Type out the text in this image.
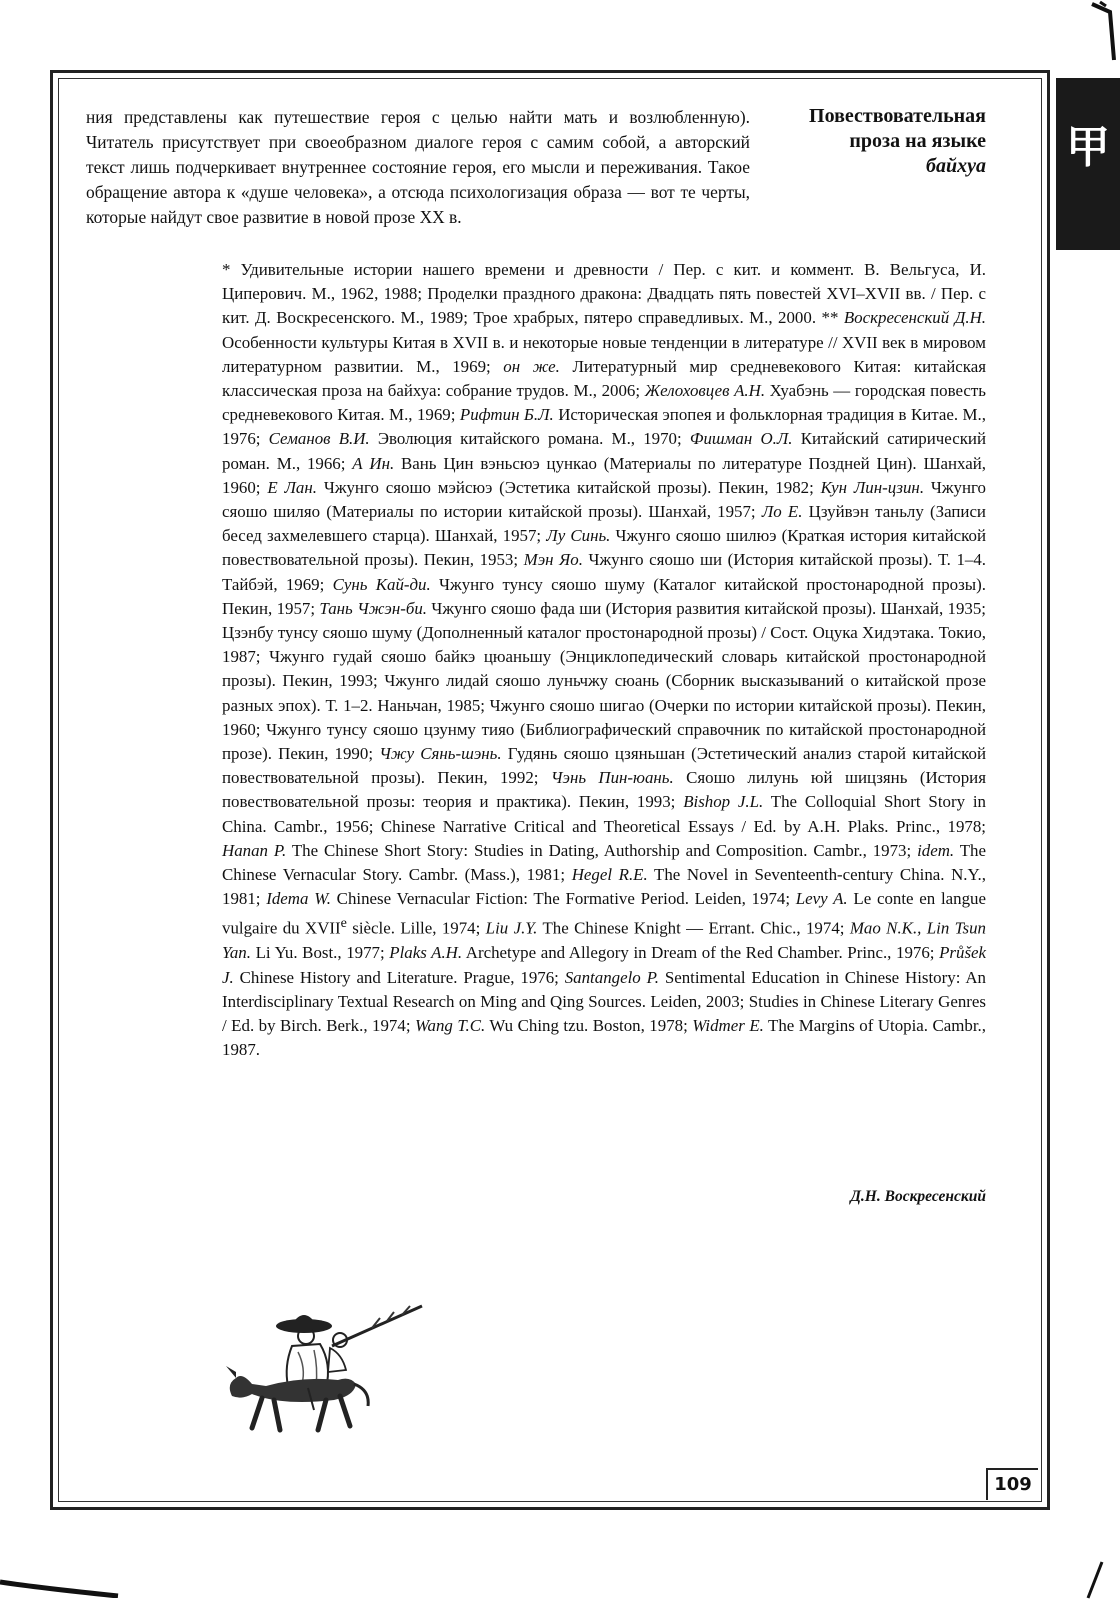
甲
ния представлены как путешествие героя с целью найти мать и возлюбленную). Читатель присутствует при своеобразном диалоге героя с самим собой, а авторский текст лишь подчеркивает внутреннее состояние героя, его мысли и переживания. Такое обращение автора к «душе человека», а отсюда психологизация образа — вот те черты, которые найдут свое развитие в новой прозе XX в.
Повествовательная
проза на языке
байхуа
* Удивительные истории нашего времени и древности / Пер. с кит. и коммент. В. Вельгуса, И. Циперович. М., 1962, 1988; Проделки праздного дракона: Двадцать пять повестей XVI–XVII вв. / Пер. с кит. Д. Воскресенского. М., 1989; Трое храбрых, пятеро справедливых. М., 2000. ** Воскресенский Д.Н. Особенности культуры Китая в XVII в. и некоторые новые тенденции в литературе // XVII век в мировом литературном развитии. М., 1969; он же. Литературный мир средневекового Китая: китайская классическая проза на байхуа: собрание трудов. М., 2006; Желоховцев А.Н. Хуабэнь — городская повесть средневекового Китая. М., 1969; Рифтин Б.Л. Историческая эпопея и фольклорная традиция в Китае. М., 1976; Семанов В.И. Эволюция китайского романа. М., 1970; Фишман О.Л. Китайский сатирический роман. М., 1966; А Ин. Вань Цин вэньсюэ цункао (Материалы по литературе Поздней Цин). Шанхай, 1960; Е Лан. Чжунго сяошо мэйсюэ (Эстетика китайской прозы). Пекин, 1982; Кун Лин-цзин. Чжунго сяошо шиляо (Материалы по истории китайской прозы). Шанхай, 1957; Ло Е. Цзуйвэн таньлу (Записи бесед захмелевшего старца). Шанхай, 1957; Лу Синь. Чжунго сяошо шилюэ (Краткая история китайской повествовательной прозы). Пекин, 1953; Мэн Яо. Чжунго сяошо ши (История китайской прозы). Т. 1–4. Тайбэй, 1969; Сунь Кай-ди. Чжунго тунсу сяошо шуму (Каталог китайской простонародной прозы). Пекин, 1957; Тань Чжэн-би. Чжунго сяошо фада ши (История развития китайской прозы). Шанхай, 1935; Цзэнбу тунсу сяошо шуму (Дополненный каталог простонародной прозы) / Сост. Оцука Хидэтака. Токио, 1987; Чжунго гудай сяошо байкэ цюаньшу (Энциклопедический словарь китайской простонародной прозы). Пекин, 1993; Чжунго лидай сяошо луньчжу сюань (Сборник высказываний о китайской прозе разных эпох). Т. 1–2. Наньчан, 1985; Чжунго сяошо шигао (Очерки по истории китайской прозы). Пекин, 1960; Чжунго тунсу сяошо цзунму тияо (Библиографический справочник по китайской простонародной прозе). Пекин, 1990; Чжу Сянь-шэнь. Гудянь сяошо цзяньшан (Эстетический анализ старой китайской повествовательной прозы). Пекин, 1992; Чэнь Пин-юань. Сяошо лилунь юй шицзянь (История повествовательной прозы: теория и практика). Пекин, 1993; Bishop J.L. The Colloquial Short Story in China. Cambr., 1956; Chinese Narrative Critical and Theoretical Essays / Ed. by A.H. Plaks. Princ., 1978; Hanan P. The Chinese Short Story: Studies in Dating, Authorship and Composition. Cambr., 1973; idem. The Chinese Vernacular Story. Cambr. (Mass.), 1981; Hegel R.E. The Novel in Seventeenth-century China. N.Y., 1981; Idema W. Chinese Vernacular Fiction: The Formative Period. Leiden, 1974; Levy A. Le conte en langue vulgaire du XVIIe siècle. Lille, 1974; Liu J.Y. The Chinese Knight — Errant. Chic., 1974; Mao N.K., Lin Tsun Yan. Li Yu. Bost., 1977; Plaks A.H. Archetype and Allegory in Dream of the Red Chamber. Princ., 1976; Průšek J. Chinese History and Literature. Prague, 1976; Santangelo P. Sentimental Education in Chinese History: An Interdisciplinary Textual Research on Ming and Qing Sources. Leiden, 2003; Studies in Chinese Literary Genres / Ed. by Birch. Berk., 1974; Wang T.C. Wu Ching tzu. Boston, 1978; Widmer E. The Margins of Utopia. Cambr., 1987.
Д.Н. Воскресенский
109
